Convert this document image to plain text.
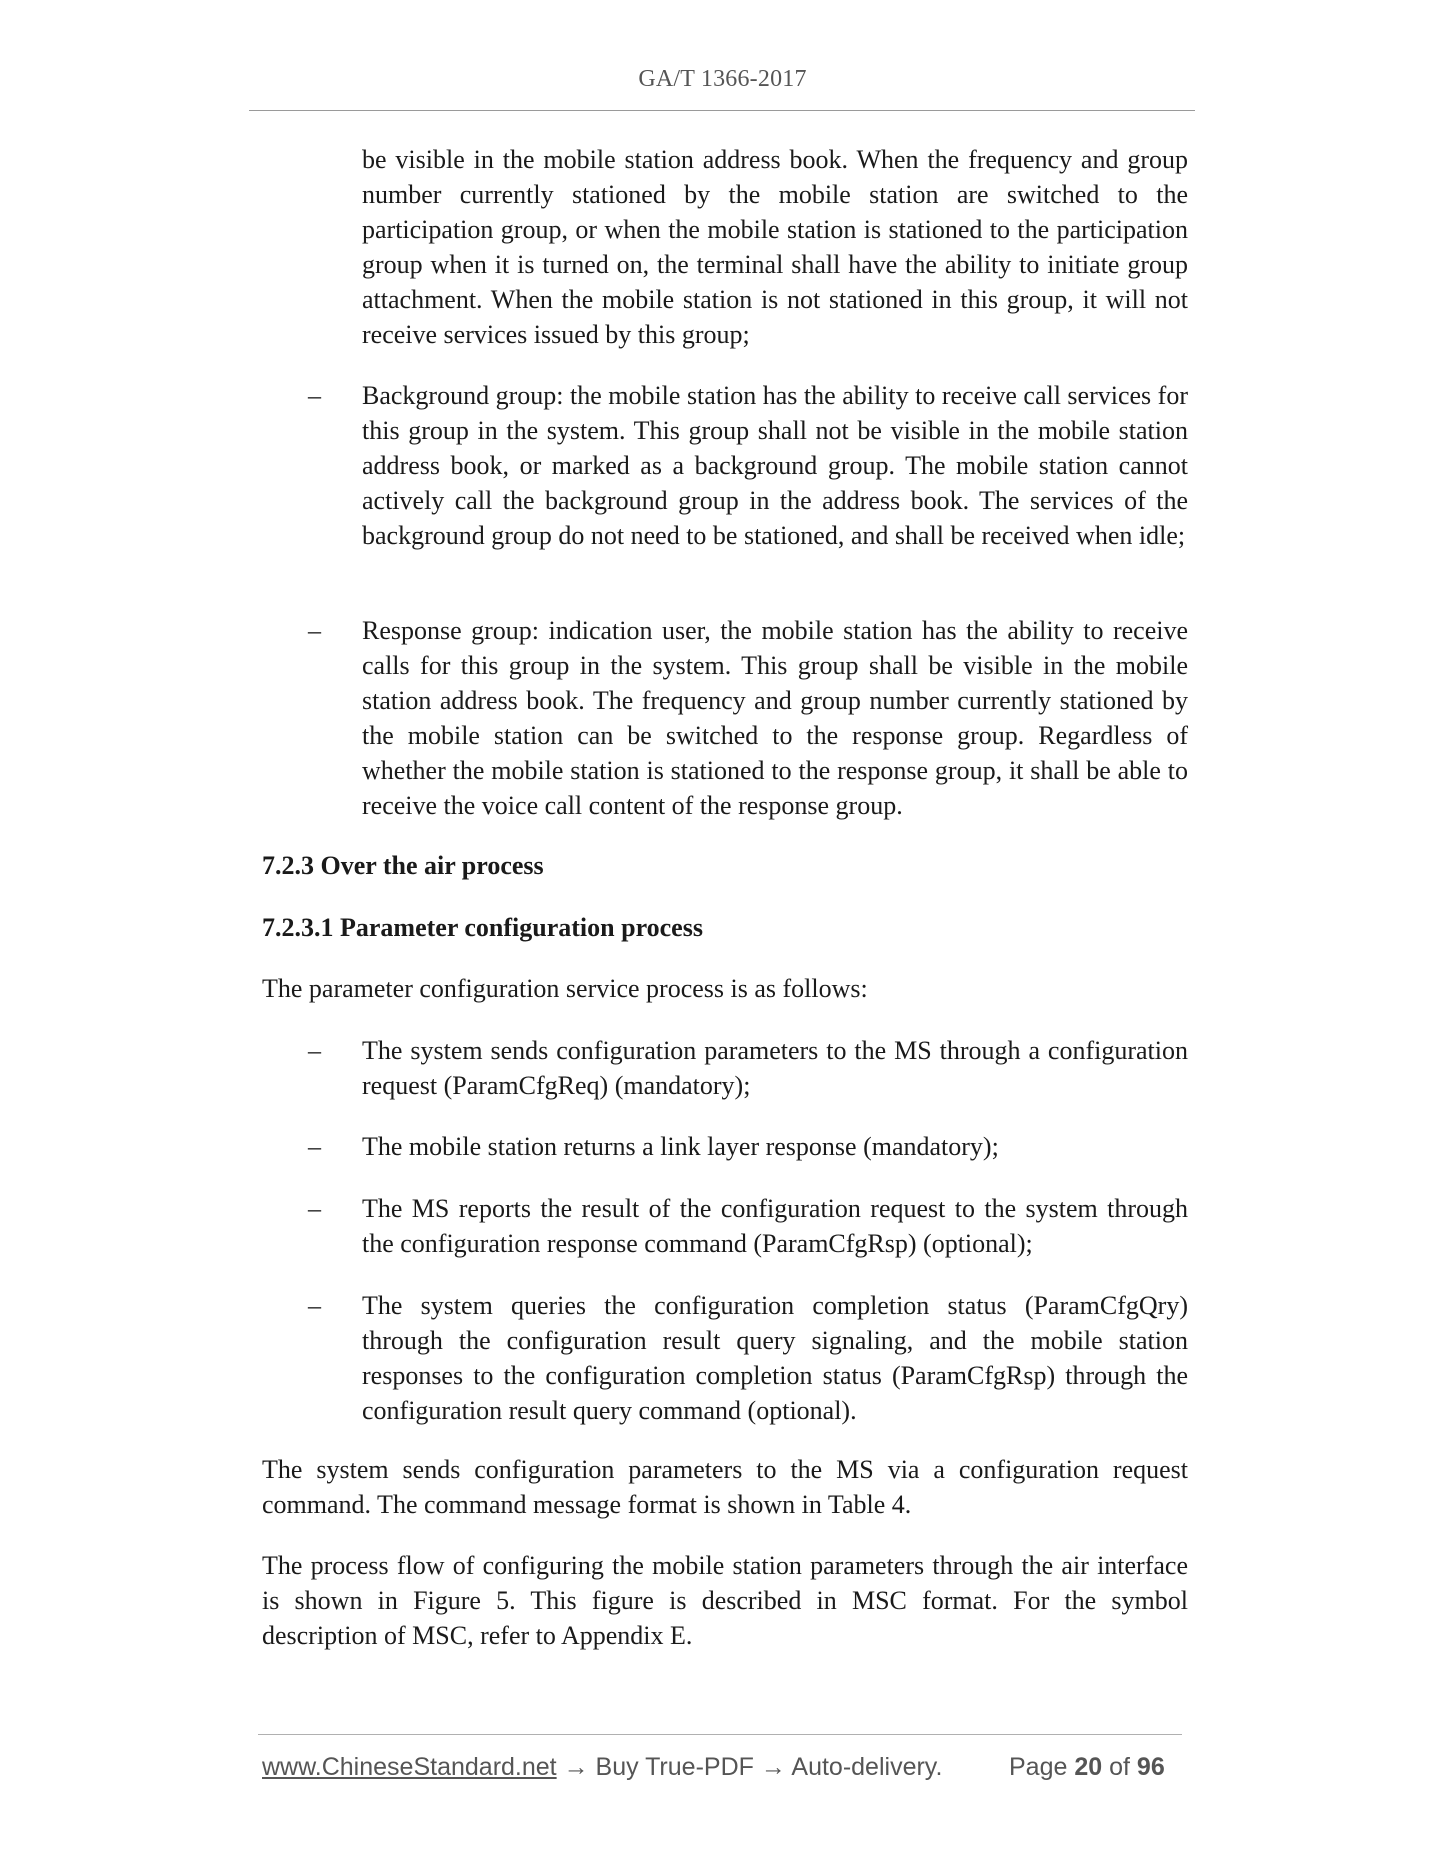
GA/T 1366-2017

be visible in the mobile station address book. When the frequency and group number currently stationed by the mobile station are switched to the participation group, or when the mobile station is stationed to the participation group when it is turned on, the terminal shall have the ability to initiate group attachment. When the mobile station is not stationed in this group, it will not receive services issued by this group;

– Background group: the mobile station has the ability to receive call services for this group in the system. This group shall not be visible in the mobile station address book, or marked as a background group. The mobile station cannot actively call the background group in the address book. The services of the background group do not need to be stationed, and shall be received when idle;

– Response group: indication user, the mobile station has the ability to receive calls for this group in the system. This group shall be visible in the mobile station address book. The frequency and group number currently stationed by the mobile station can be switched to the response group. Regardless of whether the mobile station is stationed to the response group, it shall be able to receive the voice call content of the response group.

7.2.3 Over the air process
7.2.3.1 Parameter configuration process

The parameter configuration service process is as follows:

– The system sends configuration parameters to the MS through a configuration request (ParamCfgReq) (mandatory);

– The mobile station returns a link layer response (mandatory);

– The MS reports the result of the configuration request to the system through the configuration response command (ParamCfgRsp) (optional);

– The system queries the configuration completion status (ParamCfgQry) through the configuration result query signaling, and the mobile station responses to the configuration completion status (ParamCfgRsp) through the configuration result query command (optional).

The system sends configuration parameters to the MS via a configuration request command. The command message format is shown in Table 4.

The process flow of configuring the mobile station parameters through the air interface is shown in Figure 5. This figure is described in MSC format. For the symbol description of MSC, refer to Appendix E.

www.ChineseStandard.net → Buy True-PDF → Auto-delivery.	Page 20 of 96
